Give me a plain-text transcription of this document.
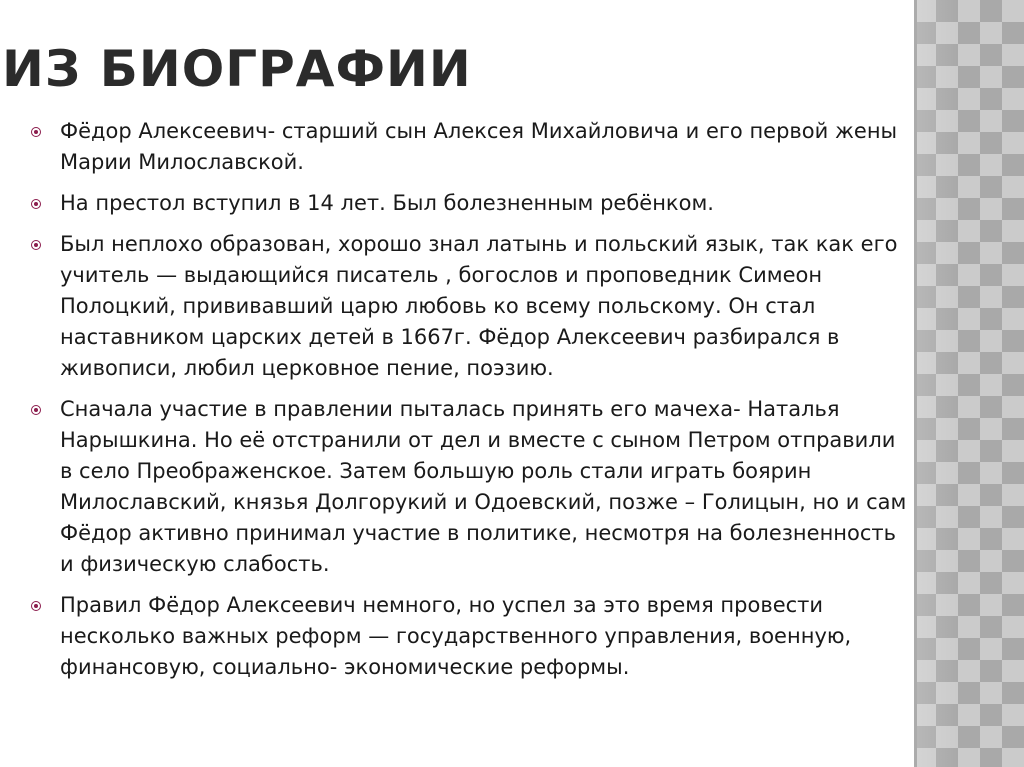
ИЗ БИОГРАФИИ
Фёдор Алексеевич- старший сын Алексея Михайловича и его первой жены Марии Милославской.
На престол вступил в 14 лет. Был болезненным ребёнком.
Был неплохо образован, хорошо знал латынь и польский язык, так как его учитель — выдающийся писатель , богослов и проповедник Симеон Полоцкий, прививавший царю любовь ко всему польскому. Он стал наставником царских детей в 1667г. Фёдор Алексеевич разбирался в живописи, любил церковное пение, поэзию.
Сначала участие в правлении пыталась принять его мачеха- Наталья Нарышкина. Но её отстранили от дел и вместе с сыном Петром отправили в село Преображенское. Затем большую роль стали играть боярин Милославский, князья Долгорукий и Одоевский, позже – Голицын, но и сам Фёдор активно принимал участие в политике, несмотря на болезненность и физическую слабость.
Правил Фёдор Алексеевич немного, но успел за это время провести несколько важных реформ — государственного управления, военную, финансовую, социально- экономические реформы.
